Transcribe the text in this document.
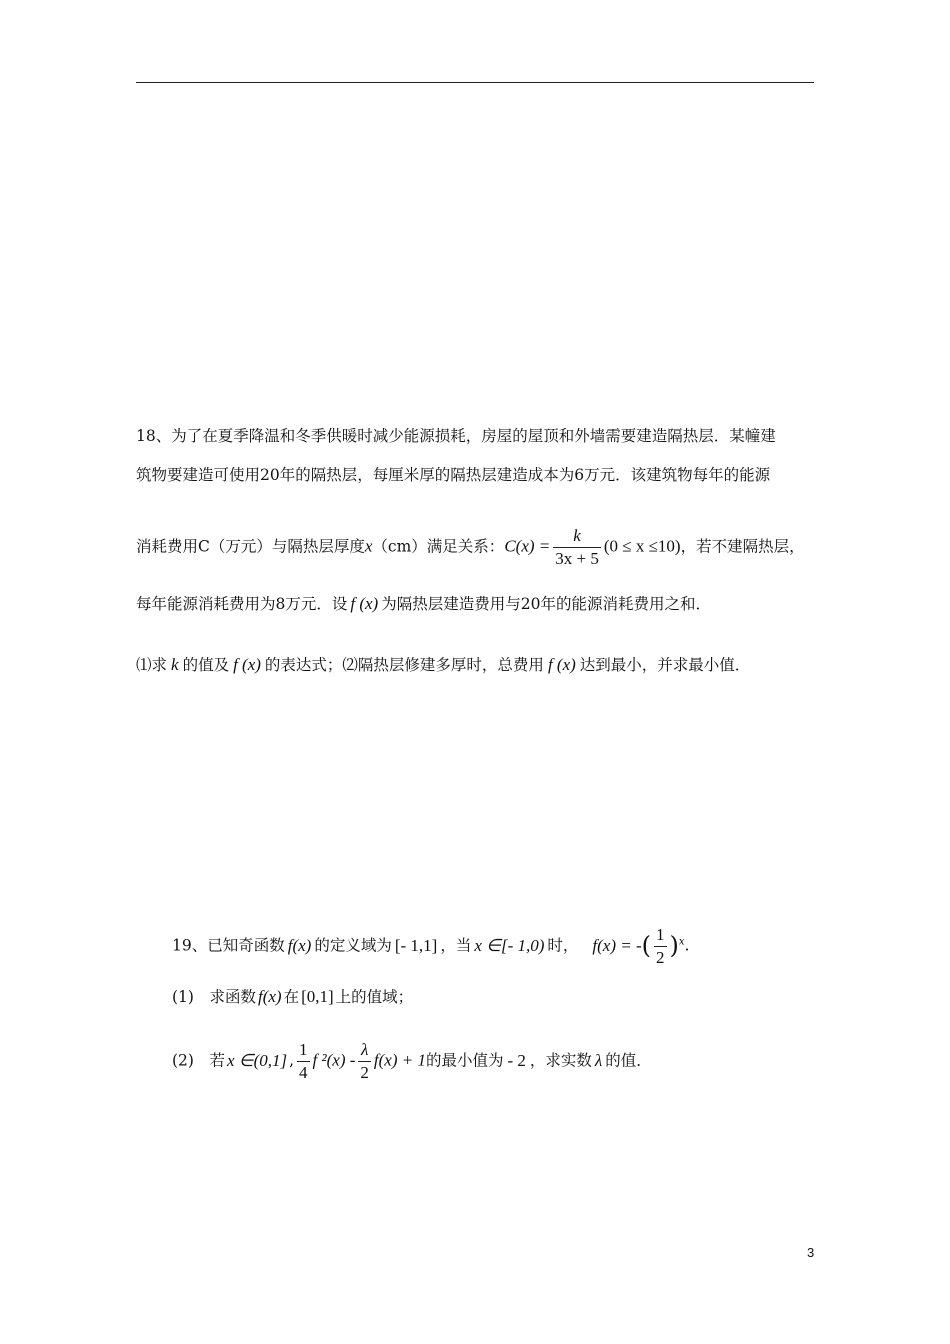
18、为了在夏季降温和冬季供暖时减少能源损耗，房屋的屋顶和外墙需要建造隔热层．某幢建
筑物要建造可使用20年的隔热层，每厘米厚的隔热层建造成本为6万元．该建筑物每年的能源
消耗费用C（万元）与隔热层厚度x（cm）满足关系：$C(x) = \frac{k}{3x + 5} (0 \le x \le 10)$，若不建隔热层，
每年能源消耗费用为8万元．设 f (x) 为隔热层建造费用与20年的能源消耗费用之和．
⑴求 k 的值及 f (x) 的表达式；⑵隔热层修建多厚时，总费用 f (x) 达到最小，并求最小值．
19、已知奇函数 f(x) 的定义域为 [- 1,1] ，当 x ∈[- 1,0) 时， f(x) = -( $\frac{1}{2} )^x$.
(1)　求函数 f(x) 在 [0,1] 上的值域；
(2)　若 x ∈(0,1] , $\frac{1}{4}$ f $^2(x) - \frac{\lambda}{2} f(x) + 1$的最小值为 - 2 ，求实数 λ 的值．
3
